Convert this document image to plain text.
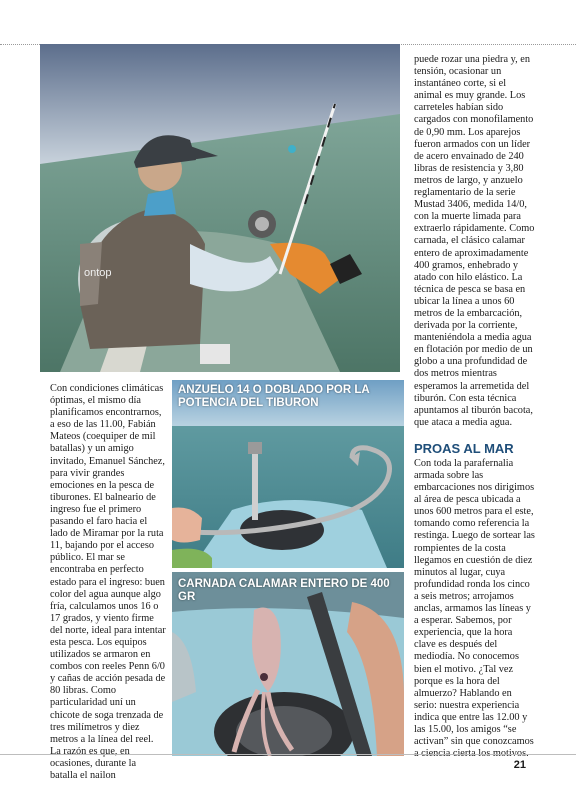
ontop
ANZUELO 14 O DOBLADO POR LA POTENCIA DEL TIBURON
CARNADA CALAMAR ENTERO DE 400 GR

Con condiciones climáticas óptimas, el mismo día planificamos encontrarnos, a eso de las 11.00, Fabián Mateos (coequiper de mil batallas) y un amigo invitado, Emanuel Sánchez, para vivir grandes emociones en la pesca de tiburones. El balneario de ingreso fue el primero pasando el faro hacia el lado de Miramar por la ruta 11, bajando por el acceso público. El mar se encontraba en perfecto estado para el ingreso: buen color del agua aunque algo fría, calculamos unos 16 o 17 grados, y viento firme del norte, ideal para intentar esta pesca. Los equipos utilizados se armaron en combos con reeles Penn 6/0 y cañas de acción pesada de 80 libras. Como particularidad uní un chicote de soga trenzada de tres milímetros y diez metros a la línea del reel. La razón es que, en ocasiones, durante la batalla el nailon

puede rozar una piedra y, en tensión, ocasionar un instantáneo corte, si el animal es muy grande. Los carreteles habían sido cargados con monofilamento de 0,90 mm. Los aparejos fueron armados con un líder de acero envainado de 240 libras de resistencia y 3,80 metros de largo, y anzuelo reglamentario de la serie Mustad 3406, medida 14/0, con la muerte limada para extraerlo rápidamente. Como carnada, el clásico calamar entero de aproximadamente 400 gramos, enhebrado y atado con hilo elástico. La técnica de pesca se basa en ubicar la línea a unos 60 metros de la embarcación, derivada por la corriente, manteniéndola a media agua en flotación por medio de un globo a una profundidad de dos metros mientras esperamos la arremetida del tiburón. Con esta técnica apuntamos al tiburón bacota, que ataca a media agua.

PROAS AL MAR

Con toda la parafernalia armada sobre las embarcaciones nos dirigimos al área de pesca ubicada a unos 600 metros para el este, tomando como referencia la restinga. Luego de sortear las rompientes de la costa llegamos en cuestión de diez minutos al lugar, cuya profundidad ronda los cinco a seis metros; arrojamos anclas, armamos las líneas y a esperar. Sabemos, por experiencia, que la hora clave es después del mediodía. No conocemos bien el motivo. ¿Tal vez porque es la hora del almuerzo? Hablando en serio: nuestra experiencia indica que entre las 12.00 y las 15.00, los amigos “se activan” sin que conozcamos a ciencia cierta los motivos.

21
